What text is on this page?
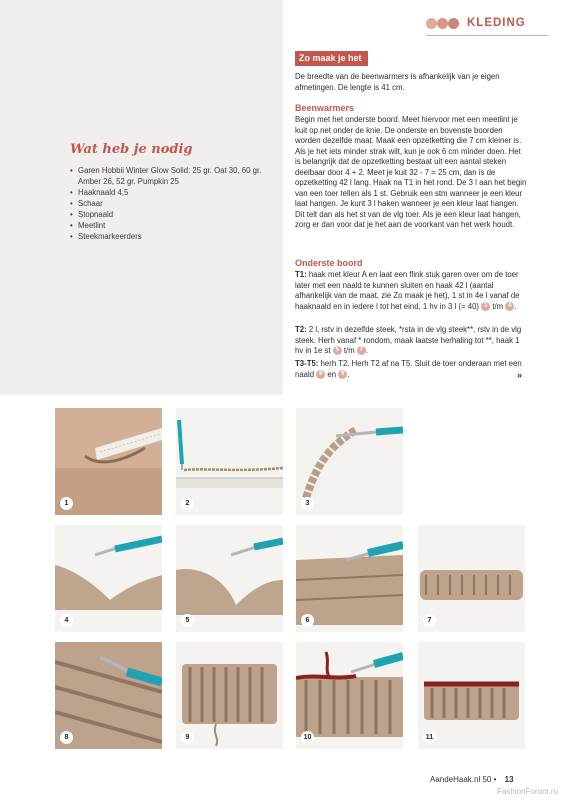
KLEDING
Wat heb je nodig
• Garen Hobbii Winter Glow Solid: 25 gr. Oat 30, 60 gr. Amber 26, 52 gr. Pumpkin 25
• Haaknaald 4,5
• Schaar
• Stopnaald
• Meetlint
• Steekmarkeerders
Zo maak je het

De breedte van de beenwarmers is afhankelijk van je eigen afmetingen. De lengte is 41 cm.

Beenwarmers

Begin met het onderste boord. Meet hiervoor met een meetlint je kuit op net onder de knie. De onderste en bovenste boorden worden dezelfde maat. Maak een opzetketting die 7 cm kleiner is. Als je het iets minder strak wilt, kun je ook 6 cm minder doen. Het is belangrijk dat de opzetketting bestaat uit een aantal steken deelbaar door 4 + 2. Meet je kuit 32 - 7 = 25 cm, dan is de opzetketting 42 l lang. Haak na T1 in het rond. De 3 l aan het begin van een toer tellen als 1 st. Gebruik een stm wanneer je een kleur laat hangen. Je kunt 3 l haken wanneer je een kleur laat hangen. Dit telt dan als het st van de vlg toer. Als je een kleur laat hangen, zorg er dan voor dat je het aan de voorkant van het werk houdt.

Onderste boord

T1: haak met kleur A en laat een flink stuk garen over om de toer later met een naald te kunnen sluiten en haak 42 l (aantal afhankelijk van de maat, zie Zo maak je het), 1 st in 4e l vanaf de haaknaald en in iedere l tot het eind, 1 hv in 3 l (= 40) 1 t/m 4 .

T2: 2 l, rstv in dezelfde steek, *rsta in de vlg steek**, rstv in de vlg steek. Herh vanaf * rondom, maak laatste herhaling tot **, haak 1 hv in 1e st 5 t/m 7 .

T3-T5: herh T2. Herh T2 af na T5. Sluit de toer onderaan met een naald 8 en 9 .	»
1	2	3
4	5	6	7
8	9	10	11
AandeHaak.nl 50 • 13
FashionForum.ru
